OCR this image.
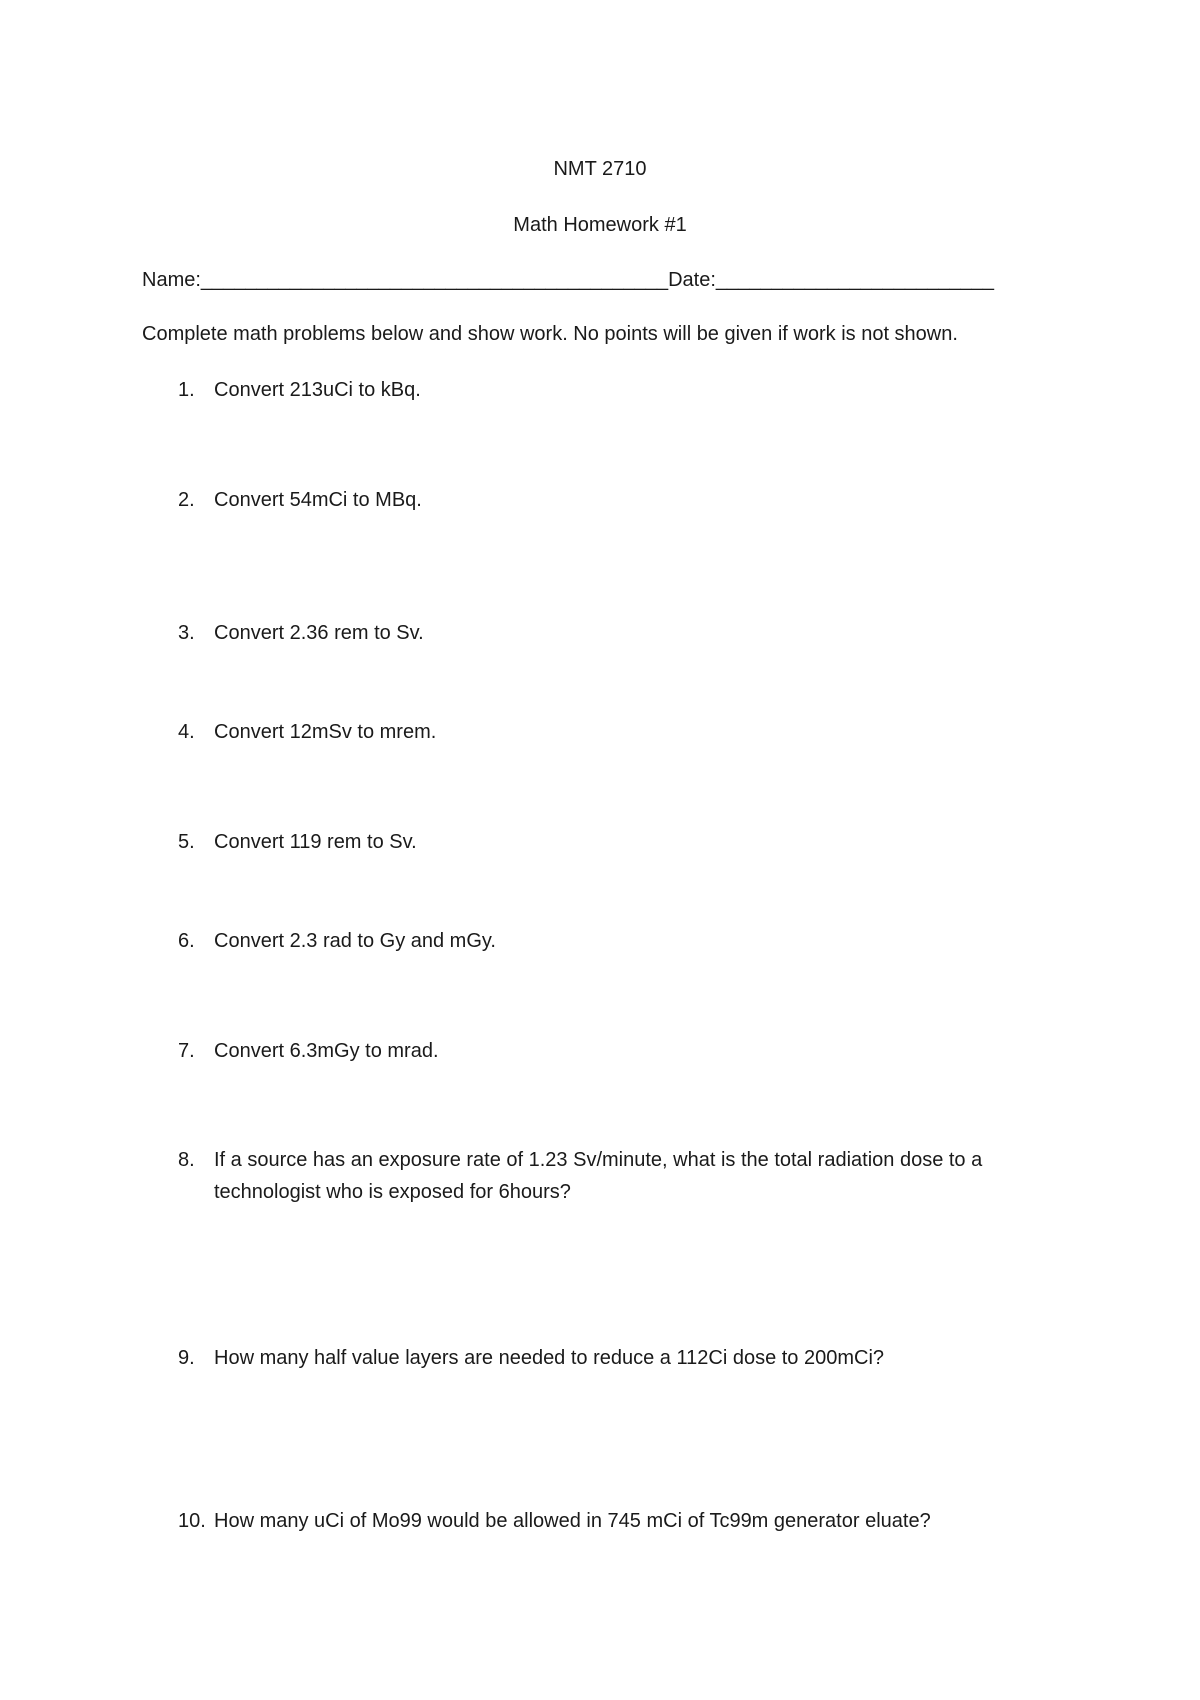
NMT 2710
Math Homework #1
Name:__________________________________________Date:_________________________
Complete math problems below and show work. No points will be given if work is not shown.
1. Convert 213uCi to kBq.
2. Convert 54mCi to MBq.
3. Convert 2.36 rem to Sv.
4. Convert 12mSv to mrem.
5. Convert 119 rem to Sv.
6. Convert 2.3 rad to Gy and mGy.
7. Convert 6.3mGy to mrad.
8. If a source has an exposure rate of 1.23 Sv/minute, what is the total radiation dose to a technologist who is exposed for 6hours?
9. How many half value layers are needed to reduce a 112Ci dose to 200mCi?
10. How many uCi of Mo99 would be allowed in 745 mCi of Tc99m generator eluate?
